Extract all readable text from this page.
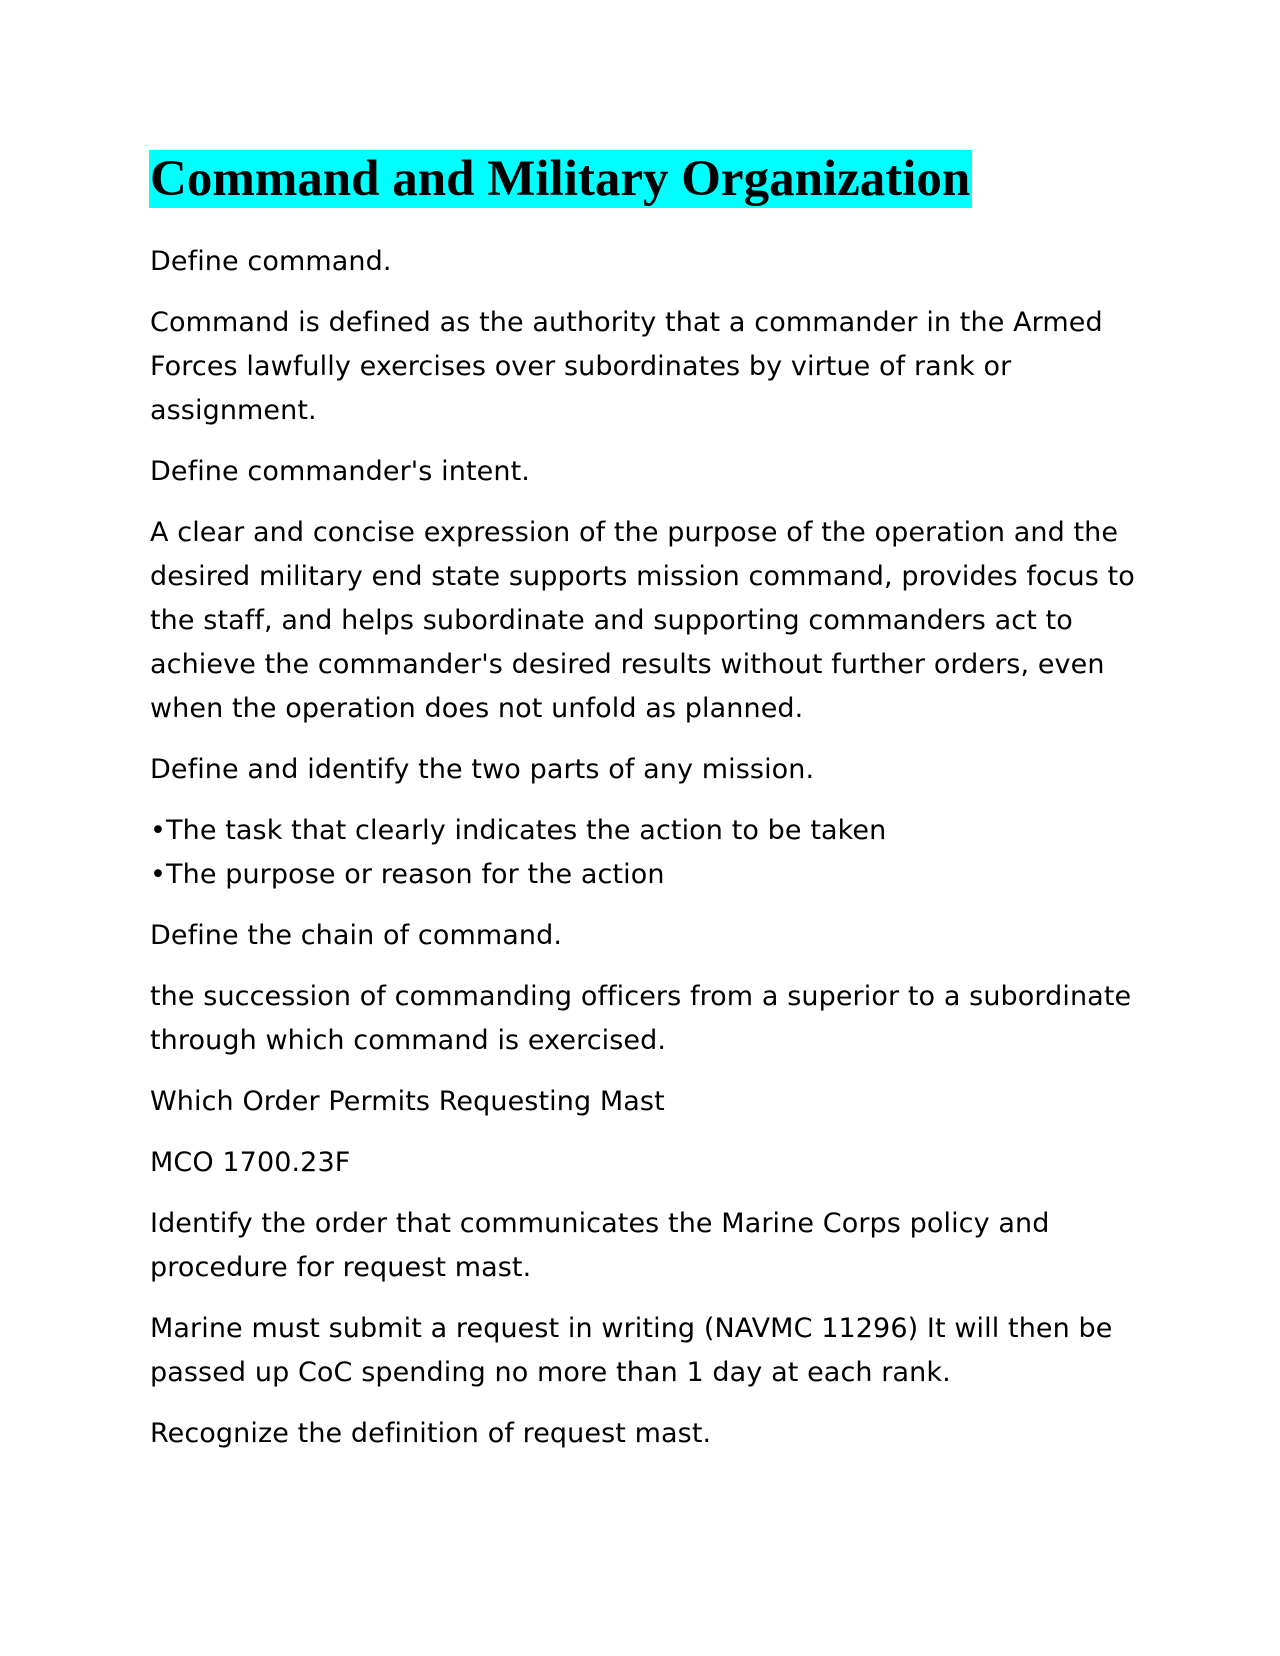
Command and Military Organization

Define command.

Command is defined as the authority that a commander in the Armed Forces lawfully exercises over subordinates by virtue of rank or assignment.

Define commander's intent.

A clear and concise expression of the purpose of the operation and the desired military end state supports mission command, provides focus to the staff, and helps subordinate and supporting commanders act to achieve the commander's desired results without further orders, even when the operation does not unfold as planned.

Define and identify the two parts of any mission.

•The task that clearly indicates the action to be taken
•The purpose or reason for the action

Define the chain of command.

the succession of commanding officers from a superior to a subordinate through which command is exercised.

Which Order Permits Requesting Mast

MCO 1700.23F

Identify the order that communicates the Marine Corps policy and procedure for request mast.

Marine must submit a request in writing (NAVMC 11296) It will then be passed up CoC spending no more than 1 day at each rank.

Recognize the definition of request mast.
